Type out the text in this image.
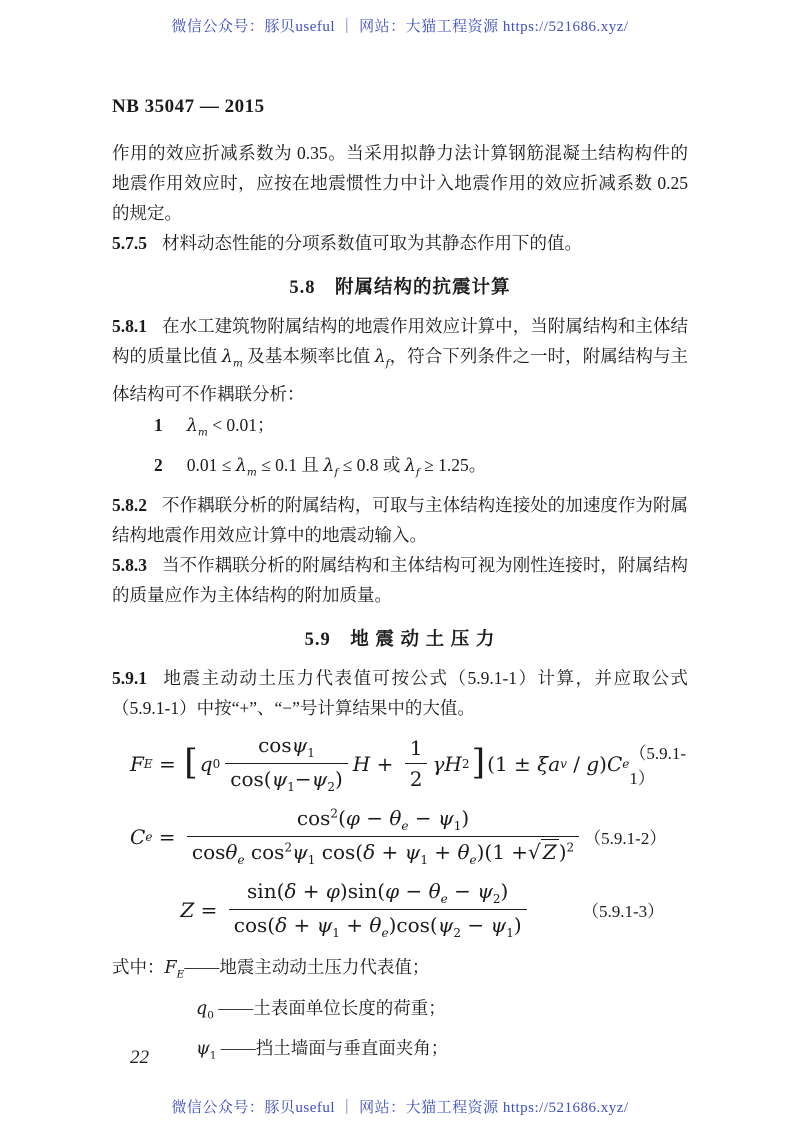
微信公众号：豚贝useful ｜ 网站：大猫工程资源 https://521686.xyz/
NB 35047 — 2015

作用的效应折减系数为 0.35。当采用拟静力法计算钢筋混凝土结构构件的地震作用效应时，应按在地震惯性力中计入地震作用的效应折减系数 0.25 的规定。

5.7.5 材料动态性能的分项系数值可取为其静态作用下的值。

5.8　附属结构的抗震计算

5.8.1 在水工建筑物附属结构的地震作用效应计算中，当附属结构和主体结构的质量比值 $\lambda_m$ 及基本频率比值 $\lambda_f$，符合下列条件之一时，附属结构与主体结构可不作耦联分析：

1 $\lambda_m < 0.01$；

2 $0.01 \le \lambda_m \le 0.1$ 且 $\lambda_f \le 0.8$ 或 $\lambda_f \ge 1.25$。

5.8.2 不作耦联分析的附属结构，可取与主体结构连接处的加速度作为附属结构地震作用效应计算中的地震动输入。

5.8.3 当不作耦联分析的附属结构和主体结构可视为刚性连接时，附属结构的质量应作为主体结构的附加质量。

5.9　地 震 动 土 压 力

5.9.1 地震主动动土压力代表值可按公式（5.9.1-1）计算，并应取公式（5.9.1-1）中按“+”、“−”号计算结果中的大值。

F E = [ q $0 \frac{\cos\psi_1}{\cos(\psi_1-\psi_2)}$ $H + \frac{1}{2}$ γ H 2 ] (1 ± ξ a v / g ) C e
（5.9.1-1）
C $e = \frac{\cos^2(\varphi - \theta_e - \psi_1)}{\cos\theta_e \cos^2\psi_1 \cos(\delta + \psi_1 + \theta_e)(1 +√ Z )^2} (5.9.1-2)$
$Z = \frac{\sin(\delta + \varphi)\sin(\varphi - \theta_e - \psi_2)}{\cos(\delta + \psi_1 + \theta_e)\cos(\psi_2 - \psi_1)}$	（5.9.1-3）

式中：$F_E——$地震主动动土压力代表值；

$q_0$ ——土表面单位长度的荷重；

$\psi_1$ ——挡土墙面与垂直面夹角；

22
微信公众号：豚贝useful ｜ 网站：大猫工程资源 https://521686.xyz/
